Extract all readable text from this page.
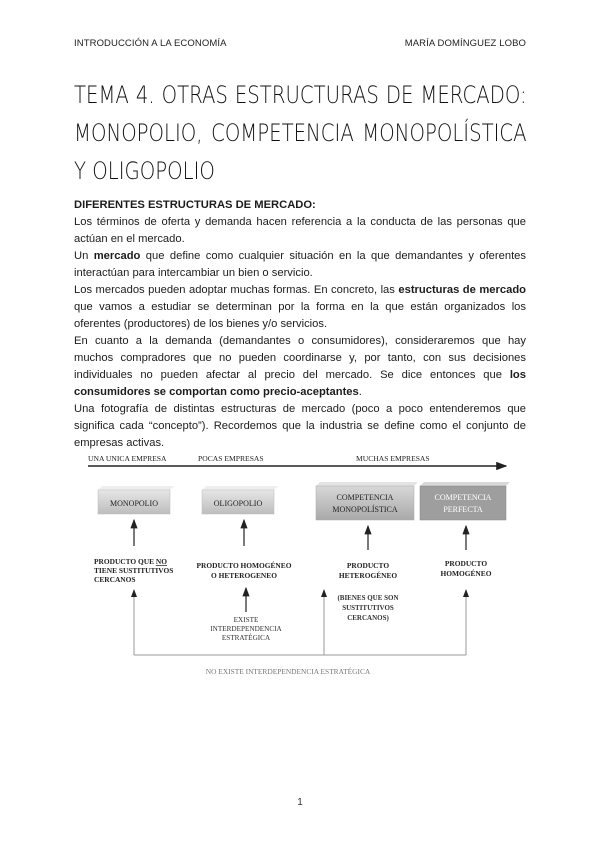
INTRODUCCIÓN A LA ECONOMÍA	MARÍA DOMÍNGUEZ LOBO
TEMA 4. OTRAS ESTRUCTURAS DE MERCADO: MONOPOLIO, COMPETENCIA MONOPOLÍSTICA Y OLIGOPOLIO

DIFERENTES ESTRUCTURAS DE MERCADO:

Los términos de oferta y demanda hacen referencia a la conducta de las personas que actúan en el mercado.

Un mercado que define como cualquier situación en la que demandantes y oferentes interactúan para intercambiar un bien o servicio.

Los mercados pueden adoptar muchas formas. En concreto, las estructuras de mercado que vamos a estudiar se determinan por la forma en la que están organizados los oferentes (productores) de los bienes y/o servicios.

En cuanto a la demanda (demandantes o consumidores), consideraremos que hay muchos compradores que no pueden coordinarse y, por tanto, con sus decisiones individuales no pueden afectar al precio del mercado. Se dice entonces que los consumidores se comportan como precio-aceptantes.

Una fotografía de distintas estructuras de mercado (poco a poco entenderemos que significa cada “concepto”). Recordemos que la industria se define como el conjunto de empresas activas.

UNA UNICA EMPRESA	POCAS EMPRESAS	MUCHAS EMPRESAS
MONOPOLIO	OLIGOPOLIO
COMPETENCIA
MONOPOLÍSTICA
COMPETENCIA
PERFECTA
PRODUCTO QUE NO
TIENE SUSTITUTIVOS
CERCANOS
PRODUCTO HOMOGÉNEO
O HETEROGENEO
PRODUCTO
HETEROGÉNEO
(BIENES QUE SON
SUSTITUTIVOS
CERCANOS)
PRODUCTO
HOMOGÉNEO
EXISTE
INTERDEPENDENCIA
ESTRATÉGICA
NO EXISTE INTERDEPENDENCIA ESTRATÉGICA
1
